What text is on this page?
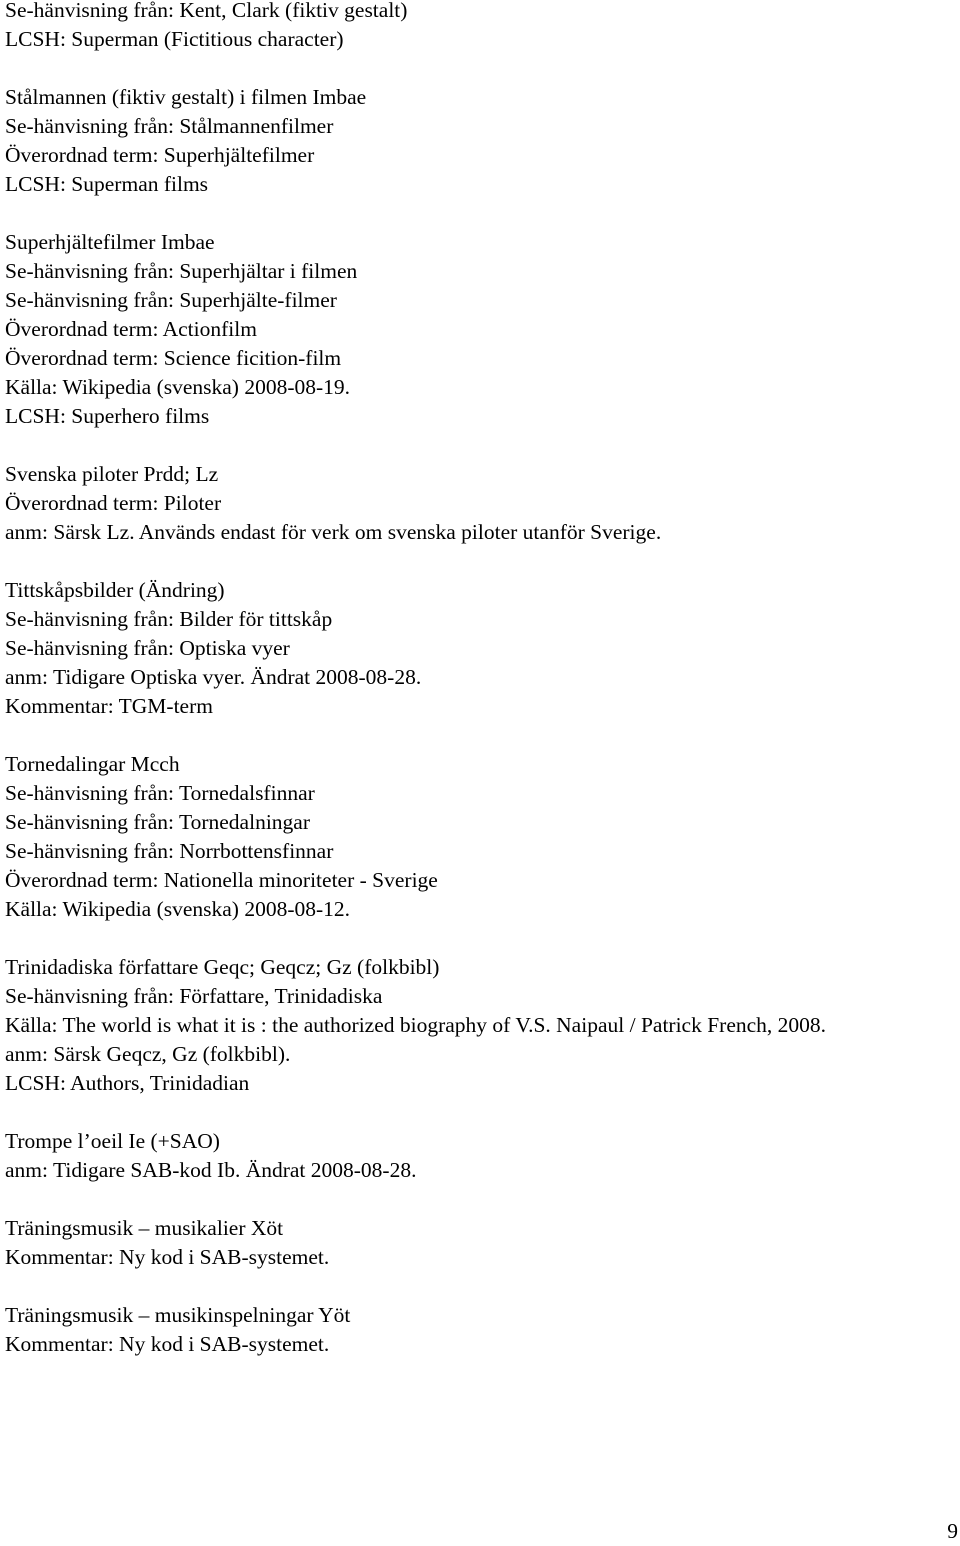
Se-hänvisning från: Kent, Clark (fiktiv gestalt)
LCSH: Superman (Fictitious character)
Stålmannen (fiktiv gestalt) i filmen Imbae
Se-hänvisning från: Stålmannenfilmer
Överordnad term: Superhjältefilmer
LCSH: Superman films
Superhjältefilmer Imbae
Se-hänvisning från: Superhjältar i filmen
Se-hänvisning från: Superhjälte-filmer
Överordnad term: Actionfilm
Överordnad term: Science ficition-film
Källa: Wikipedia (svenska) 2008-08-19.
LCSH: Superhero films
Svenska piloter Prdd; Lz
Överordnad term: Piloter
anm: Särsk Lz. Används endast för verk om svenska piloter utanför Sverige.
Tittskåpsbilder (Ändring)
Se-hänvisning från: Bilder för tittskåp
Se-hänvisning från: Optiska vyer
anm: Tidigare Optiska vyer. Ändrat 2008-08-28.
Kommentar: TGM-term
Tornedalingar Mcch
Se-hänvisning från: Tornedalsfinnar
Se-hänvisning från: Tornedalningar
Se-hänvisning från: Norrbottensfinnar
Överordnad term: Nationella minoriteter - Sverige
Källa: Wikipedia (svenska) 2008-08-12.
Trinidadiska författare Geqc; Geqcz; Gz (folkbibl)
Se-hänvisning från: Författare, Trinidadiska
Källa: The world is what it is : the authorized biography of V.S. Naipaul / Patrick French, 2008.
anm: Särsk Geqcz, Gz (folkbibl).
LCSH: Authors, Trinidadian
Trompe l’oeil Ie (+SAO)
anm: Tidigare SAB-kod Ib. Ändrat 2008-08-28.
Träningsmusik – musikalier Xöt
Kommentar: Ny kod i SAB-systemet.
Träningsmusik – musikinspelningar Yöt
Kommentar: Ny kod i SAB-systemet.
9
